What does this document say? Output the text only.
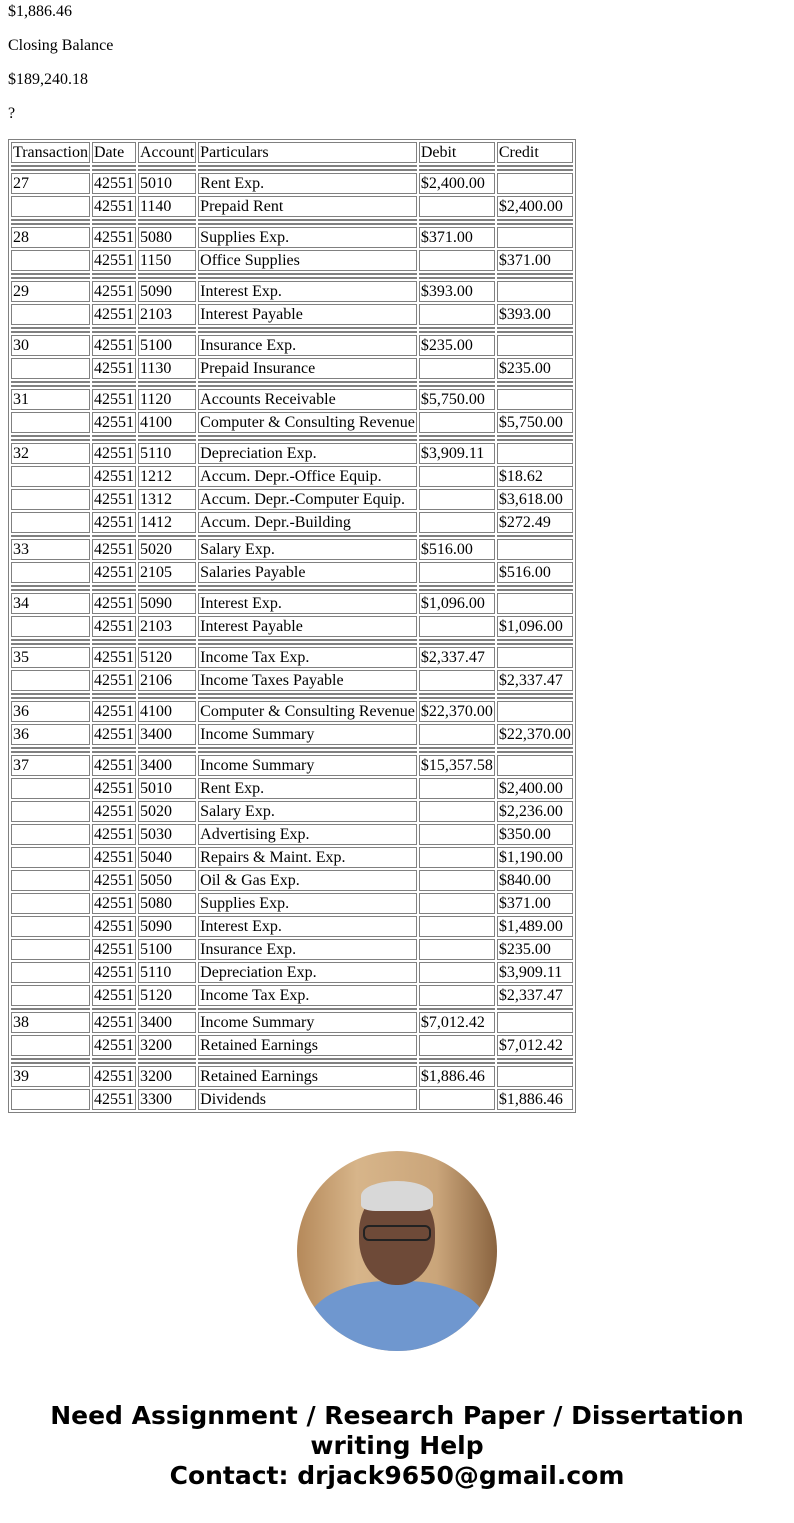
$1,886.46

Closing Balance

$189,240.18

?

Transaction	Date	Account	Particulars	Debit	Credit

27	42551	5010	Rent Exp.	$2,400.00	
	42551	1140	Prepaid Rent		$2,400.00

28	42551	5080	Supplies Exp.	$371.00	
	42551	1150	Office Supplies		$371.00

29	42551	5090	Interest Exp.	$393.00	
	42551	2103	Interest Payable		$393.00

30	42551	5100	Insurance Exp.	$235.00	
	42551	1130	Prepaid Insurance		$235.00

31	42551	1120	Accounts Receivable	$5,750.00	
	42551	4100	Computer & Consulting Revenue		$5,750.00

32	42551	5110	Depreciation Exp.	$3,909.11	
	42551	1212	Accum. Depr.-Office Equip.		$18.62
	42551	1312	Accum. Depr.-Computer Equip.		$3,618.00
	42551	1412	Accum. Depr.-Building		$272.49

33	42551	5020	Salary Exp.	$516.00	
	42551	2105	Salaries Payable		$516.00

34	42551	5090	Interest Exp.	$1,096.00	
	42551	2103	Interest Payable		$1,096.00

35	42551	5120	Income Tax Exp.	$2,337.47	
	42551	2106	Income Taxes Payable		$2,337.47

36	42551	4100	Computer & Consulting Revenue	$22,370.00	
36	42551	3400	Income Summary		$22,370.00

37	42551	3400	Income Summary	$15,357.58	
	42551	5010	Rent Exp.		$2,400.00
	42551	5020	Salary Exp.		$2,236.00
	42551	5030	Advertising Exp.		$350.00
	42551	5040	Repairs & Maint. Exp.		$1,190.00
	42551	5050	Oil & Gas Exp.		$840.00
	42551	5080	Supplies Exp.		$371.00
	42551	5090	Interest Exp.		$1,489.00
	42551	5100	Insurance Exp.		$235.00
	42551	5110	Depreciation Exp.		$3,909.11
	42551	5120	Income Tax Exp.		$2,337.47

38	42551	3400	Income Summary	$7,012.42	
	42551	3200	Retained Earnings		$7,012.42

39	42551	3200	Retained Earnings	$1,886.46	
	42551	3300	Dividends		$1,886.46
Need Assignment / Research Paper / Dissertation
writing Help
Contact: drjack9650@gmail.com
